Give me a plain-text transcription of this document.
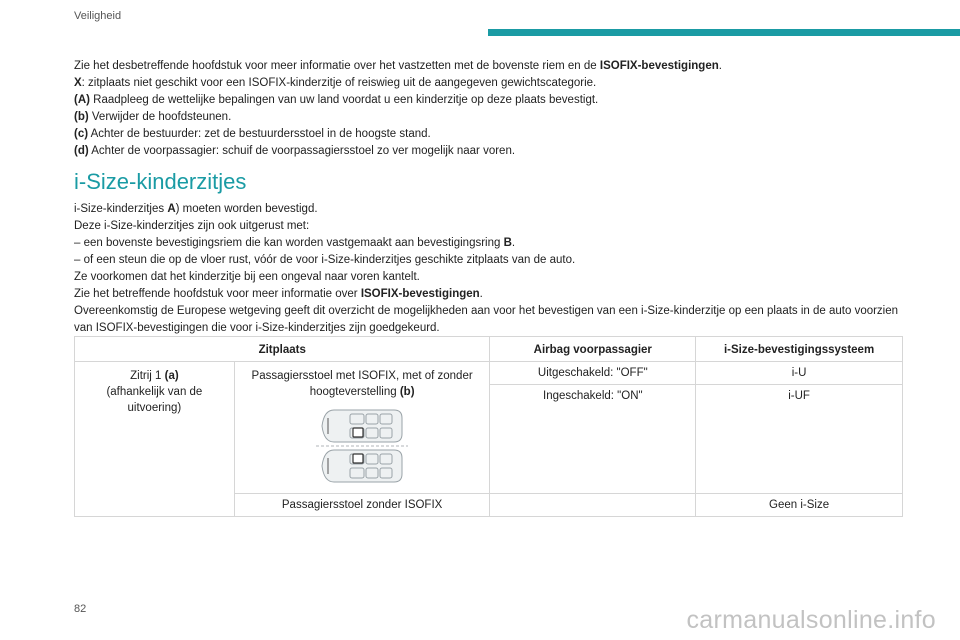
Veiligheid

Zie het desbetreffende hoofdstuk voor meer informatie over het vastzetten met de bovenste riem en de ISOFIX-bevestigingen.

X: zitplaats niet geschikt voor een ISOFIX-kinderzitje of reiswieg uit de aangegeven gewichtscategorie.

(A) Raadpleeg de wettelijke bepalingen van uw land voordat u een kinderzitje op deze plaats bevestigt.

(b) Verwijder de hoofdsteunen.

(c) Achter de bestuurder: zet de bestuurdersstoel in de hoogste stand.

(d) Achter de voorpassagier: schuif de voorpassagiersstoel zo ver mogelijk naar voren.

i-Size-kinderzitjes

i-Size-kinderzitjes A) moeten worden bevestigd.

Deze i-Size-kinderzitjes zijn ook uitgerust met:

– een bovenste bevestigingsriem die kan worden vastgemaakt aan bevestigingsring B.

– of een steun die op de vloer rust, vóór de voor i-Size-kinderzitjes geschikte zitplaats van de auto.

Ze voorkomen dat het kinderzitje bij een ongeval naar voren kantelt.

Zie het betreffende hoofdstuk voor meer informatie over ISOFIX-bevestigingen.

Overeenkomstig de Europese wetgeving geeft dit overzicht de mogelijkheden aan voor het bevestigen van een i-Size-kinderzitje op een plaats in de auto voorzien van ISOFIX-bevestigingen die voor i-Size-kinderzitjes zijn goedgekeurd.

Zitplaats		Airbag voorpassagier	i-Size-bevestigingssysteem
Zitrij 1 (a)
(afhankelijk van de uitvoering)	Passagiersstoel met ISOFIX, met of zonder hoogteverstelling (b)	Uitgeschakeld: "OFF"	i-U
		Ingeschakeld: "ON"	i-UF
	Passagiersstoel zonder ISOFIX		Geen i-Size
82	carmanualsonline.info
